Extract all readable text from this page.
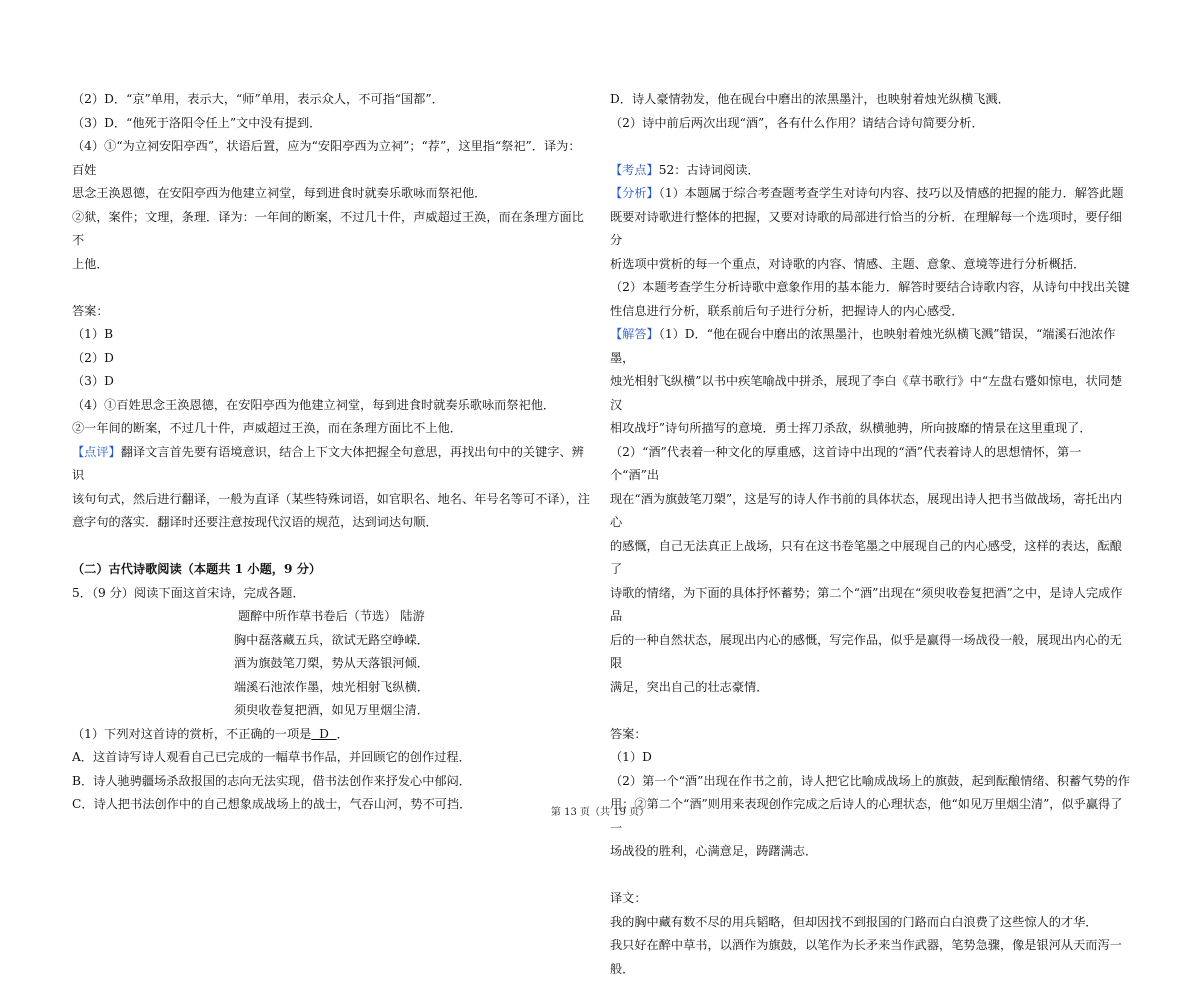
（2）D．“京”单用，表示大，“师”单用，表示众人，不可指“国都”．

（3）D．“他死于洛阳令任上”文中没有提到．

（4）①“为立祠安阳亭西”，状语后置，应为“安阳亭西为立祠”；“荐”，这里指“祭祀”．译为：百姓

思念王涣恩德，在安阳亭西为他建立祠堂，每到进食时就奏乐歌咏而祭祀他．

②狱，案件；文理，条理．译为：一年间的断案，不过几十件，声威超过王涣，而在条理方面比不

上他．

答案：

（1）B

（2）D

（3）D

（4）①百姓思念王涣恩德，在安阳亭西为他建立祠堂，每到进食时就奏乐歌咏而祭祀他．

②一年间的断案，不过几十件，声威超过王涣，而在条理方面比不上他．

【点评】翻译文言首先要有语境意识，结合上下文大体把握全句意思，再找出句中的关键字、辨识

该句句式，然后进行翻译，一般为直译（某些特殊词语，如官职名、地名、年号名等可不译），注

意字句的落实．翻译时还要注意按现代汉语的规范，达到词达句顺．

（二）古代诗歌阅读（本题共 1 小题，9 分）

5．（9 分）阅读下面这首宋诗，完成各题．

题醉中所作草书卷后（节选） 陆游

胸中磊落藏五兵，欲试无路空峥嵘．

酒为旗鼓笔刀槊，势从天落银河倾．

端溪石池浓作墨，烛光相射飞纵横．

须臾收卷复把酒，如见万里烟尘清．

（1）下列对这首诗的赏析，不正确的一项是  D  ．

A．这首诗写诗人观看自己已完成的一幅草书作品，并回顾它的创作过程．

B．诗人驰骋疆场杀敌报国的志向无法实现，借书法创作来抒发心中郁闷．

C．诗人把书法创作中的自己想象成战场上的战士，气吞山河，势不可挡．

D．诗人豪情勃发，他在砚台中磨出的浓黑墨汁，也映射着烛光纵横飞溅．

（2）诗中前后两次出现“酒”，各有什么作用？请结合诗句简要分析．

【考点】52：古诗词阅读．

【分析】（1）本题属于综合考查题考查学生对诗句内容、技巧以及情感的把握的能力．解答此题

既要对诗歌进行整体的把握，又要对诗歌的局部进行恰当的分析．在理解每一个选项时，要仔细分

析选项中赏析的每一个重点，对诗歌的内容、情感、主题、意象、意境等进行分析概括．

（2）本题考查学生分析诗歌中意象作用的基本能力．解答时要结合诗歌内容，从诗句中找出关键

性信息进行分析，联系前后句子进行分析，把握诗人的内心感受．

【解答】（1）D．“他在砚台中磨出的浓黑墨汁，也映射着烛光纵横飞溅”错误，“端溪石池浓作墨，

烛光相射飞纵横”以书中疾笔喻战中拼杀，展现了李白《草书歌行》中“左盘右蹙如惊电，状同楚汉

相攻战圩”诗句所描写的意境．勇士挥刀杀敌，纵横驰骋，所向披靡的情景在这里重现了．

（2）“酒”代表着一种文化的厚重感，这首诗中出现的“酒”代表着诗人的思想情怀，第一个“酒”出

现在“酒为旗鼓笔刀槊”，这是写的诗人作书前的具体状态，展现出诗人把书当做战场，寄托出内心

的感慨，自己无法真正上战场，只有在这书卷笔墨之中展现自己的内心感受，这样的表达，酝酿了

诗歌的情绪，为下面的具体抒怀蓄势；第二个“酒”出现在“须臾收卷复把酒”之中，是诗人完成作品

后的一种自然状态，展现出内心的感慨，写完作品，似乎是赢得一场战役一般，展现出内心的无限

满足，突出自己的壮志豪情．

答案：

（1）D

（2）第一个“酒”出现在作书之前，诗人把它比喻成战场上的旗鼓，起到酝酿情绪、积蓄气势的作

用；②第二个“酒”则用来表现创作完成之后诗人的心理状态，他“如见万里烟尘清”，似乎赢得了一

场战役的胜利，心满意足，踌躇满志．

译文：

我的胸中藏有数不尽的用兵韬略，但却因找不到报国的门路而白白浪费了这些惊人的才华．

我只好在醉中草书，以酒作为旗鼓，以笔作为长矛来当作武器，笔势急骤，像是银河从天而泻一般．

第 13 页（共 19 页）
